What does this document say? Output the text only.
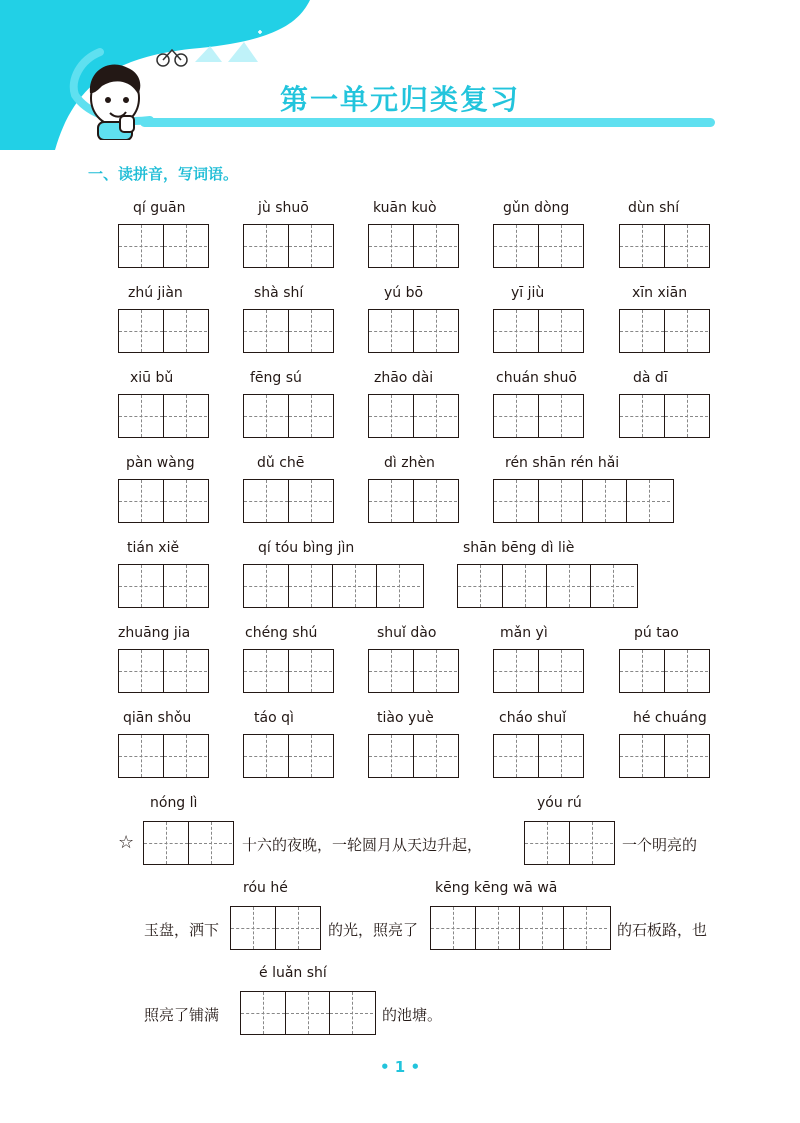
第一单元归类复习
一、读拼音，写词语。
qí guān	jù shuō	kuān kuò	gǔn dòng	dùn shí
zhú jiàn	shà shí	yú bō	yī jiù	xīn xiān
xiū bǔ	fēng sú	zhāo dài	chuán shuō	dà dī
pàn wàng	dǔ chē	dì zhèn	rén shān rén hǎi
tián xiě	qí tóu bìng jìn	shān bēng dì liè
zhuāng jia	chéng shú	shuǐ dào	mǎn yì	pú tao
qiān shǒu	táo qì	tiào yuè	cháo shuǐ	hé chuáng
nóng lì	yóu rú
☆	十六的夜晚，一轮圆月从天边升起，	一个明亮的
róu hé	kēng kēng wā wā
玉盘，洒下	的光，照亮了	的石板路，也
é luǎn shí
照亮了铺满	的池塘。
• 1 •
